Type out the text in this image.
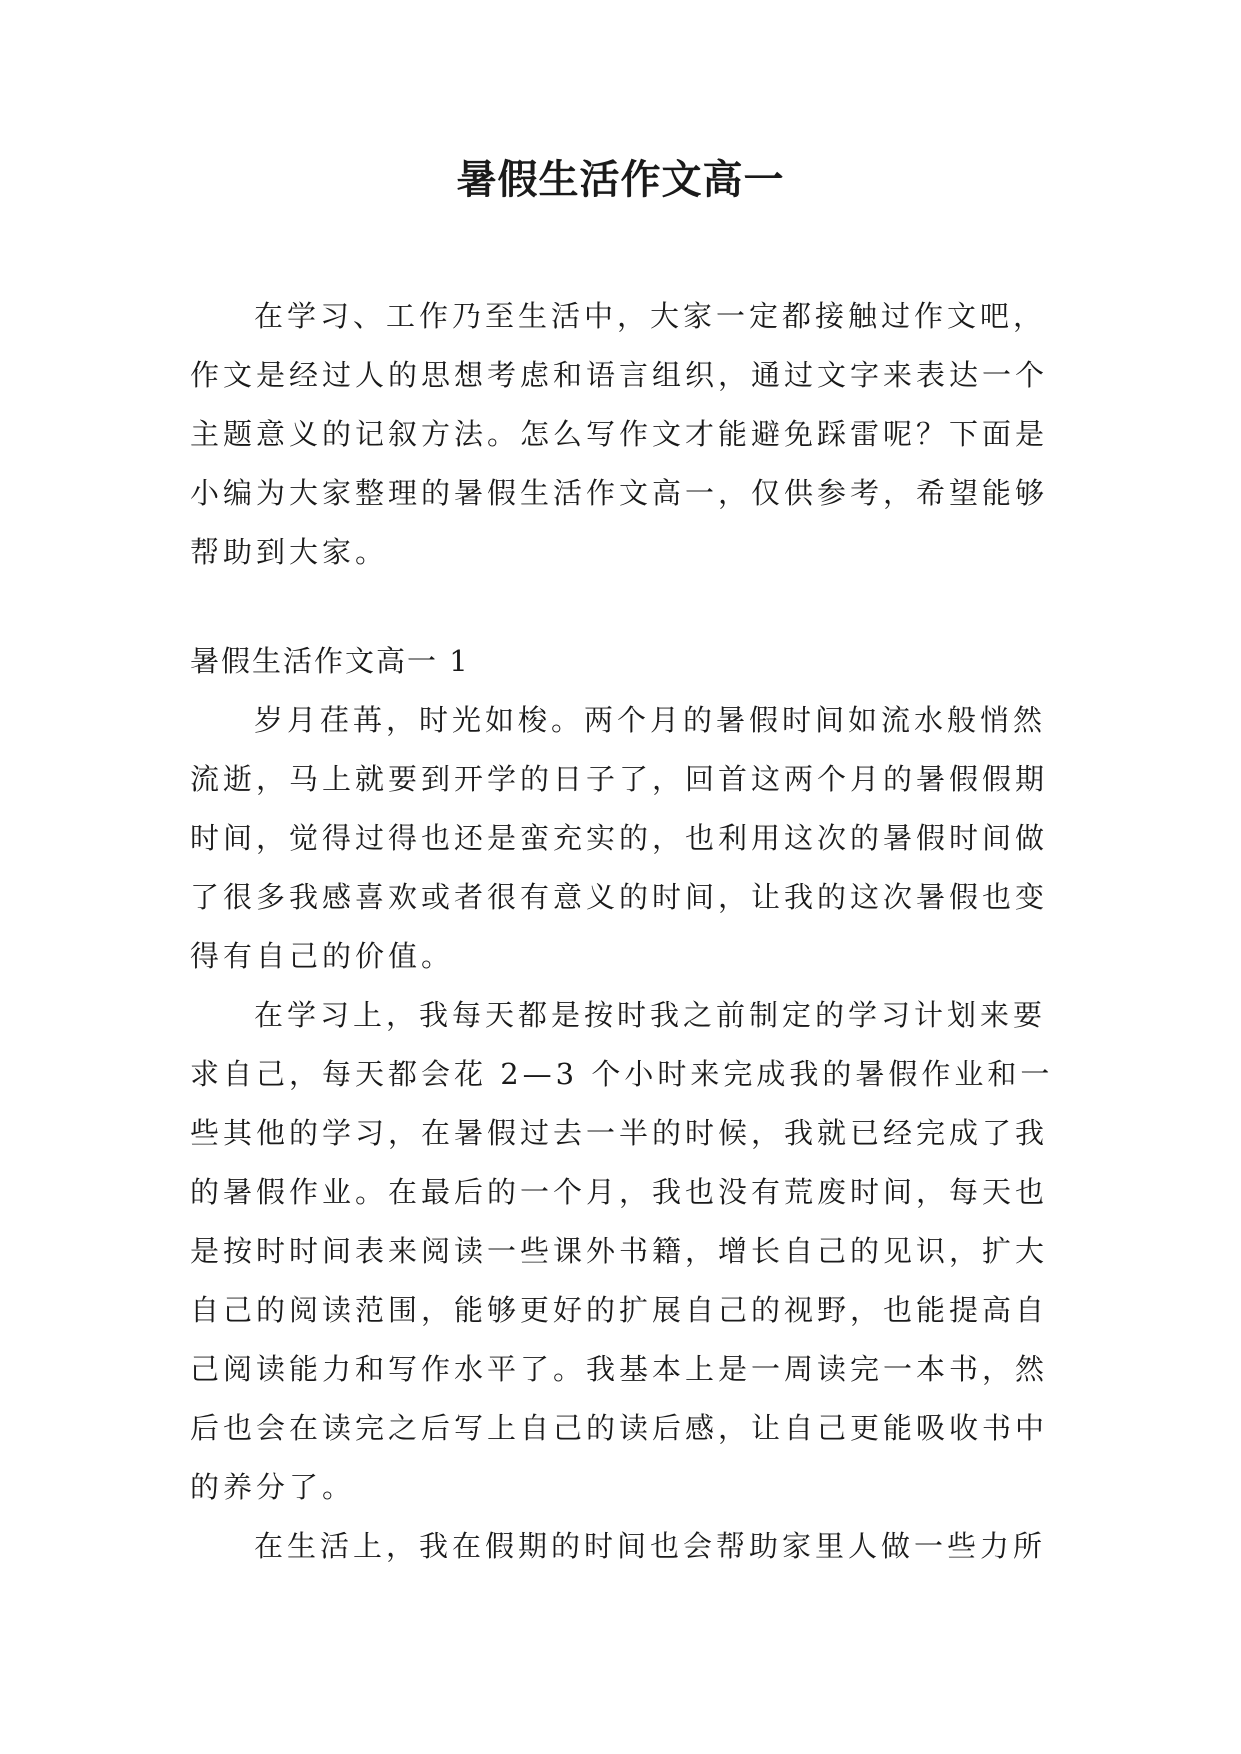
暑假生活作文高一

在学习、工作乃至生活中，大家一定都接触过作文吧，作文是经过人的思想考虑和语言组织，通过文字来表达一个主题意义的记叙方法。怎么写作文才能避免踩雷呢？下面是小编为大家整理的暑假生活作文高一，仅供参考，希望能够帮助到大家。

暑假生活作文高一 1

岁月荏苒，时光如梭。两个月的暑假时间如流水般悄然流逝，马上就要到开学的日子了，回首这两个月的暑假假期时间，觉得过得也还是蛮充实的，也利用这次的暑假时间做了很多我感喜欢或者很有意义的时间，让我的这次暑假也变得有自己的价值。

在学习上，我每天都是按时我之前制定的学习计划来要求自己，每天都会花 2—3 个小时来完成我的暑假作业和一些其他的学习，在暑假过去一半的时候，我就已经完成了我的暑假作业。在最后的一个月，我也没有荒废时间，每天也是按时时间表来阅读一些课外书籍，增长自己的见识，扩大自己的阅读范围，能够更好的扩展自己的视野，也能提高自己阅读能力和写作水平了。我基本上是一周读完一本书，然后也会在读完之后写上自己的读后感，让自己更能吸收书中的养分了。

在生活上，我在假期的时间也会帮助家里人做一些力所
